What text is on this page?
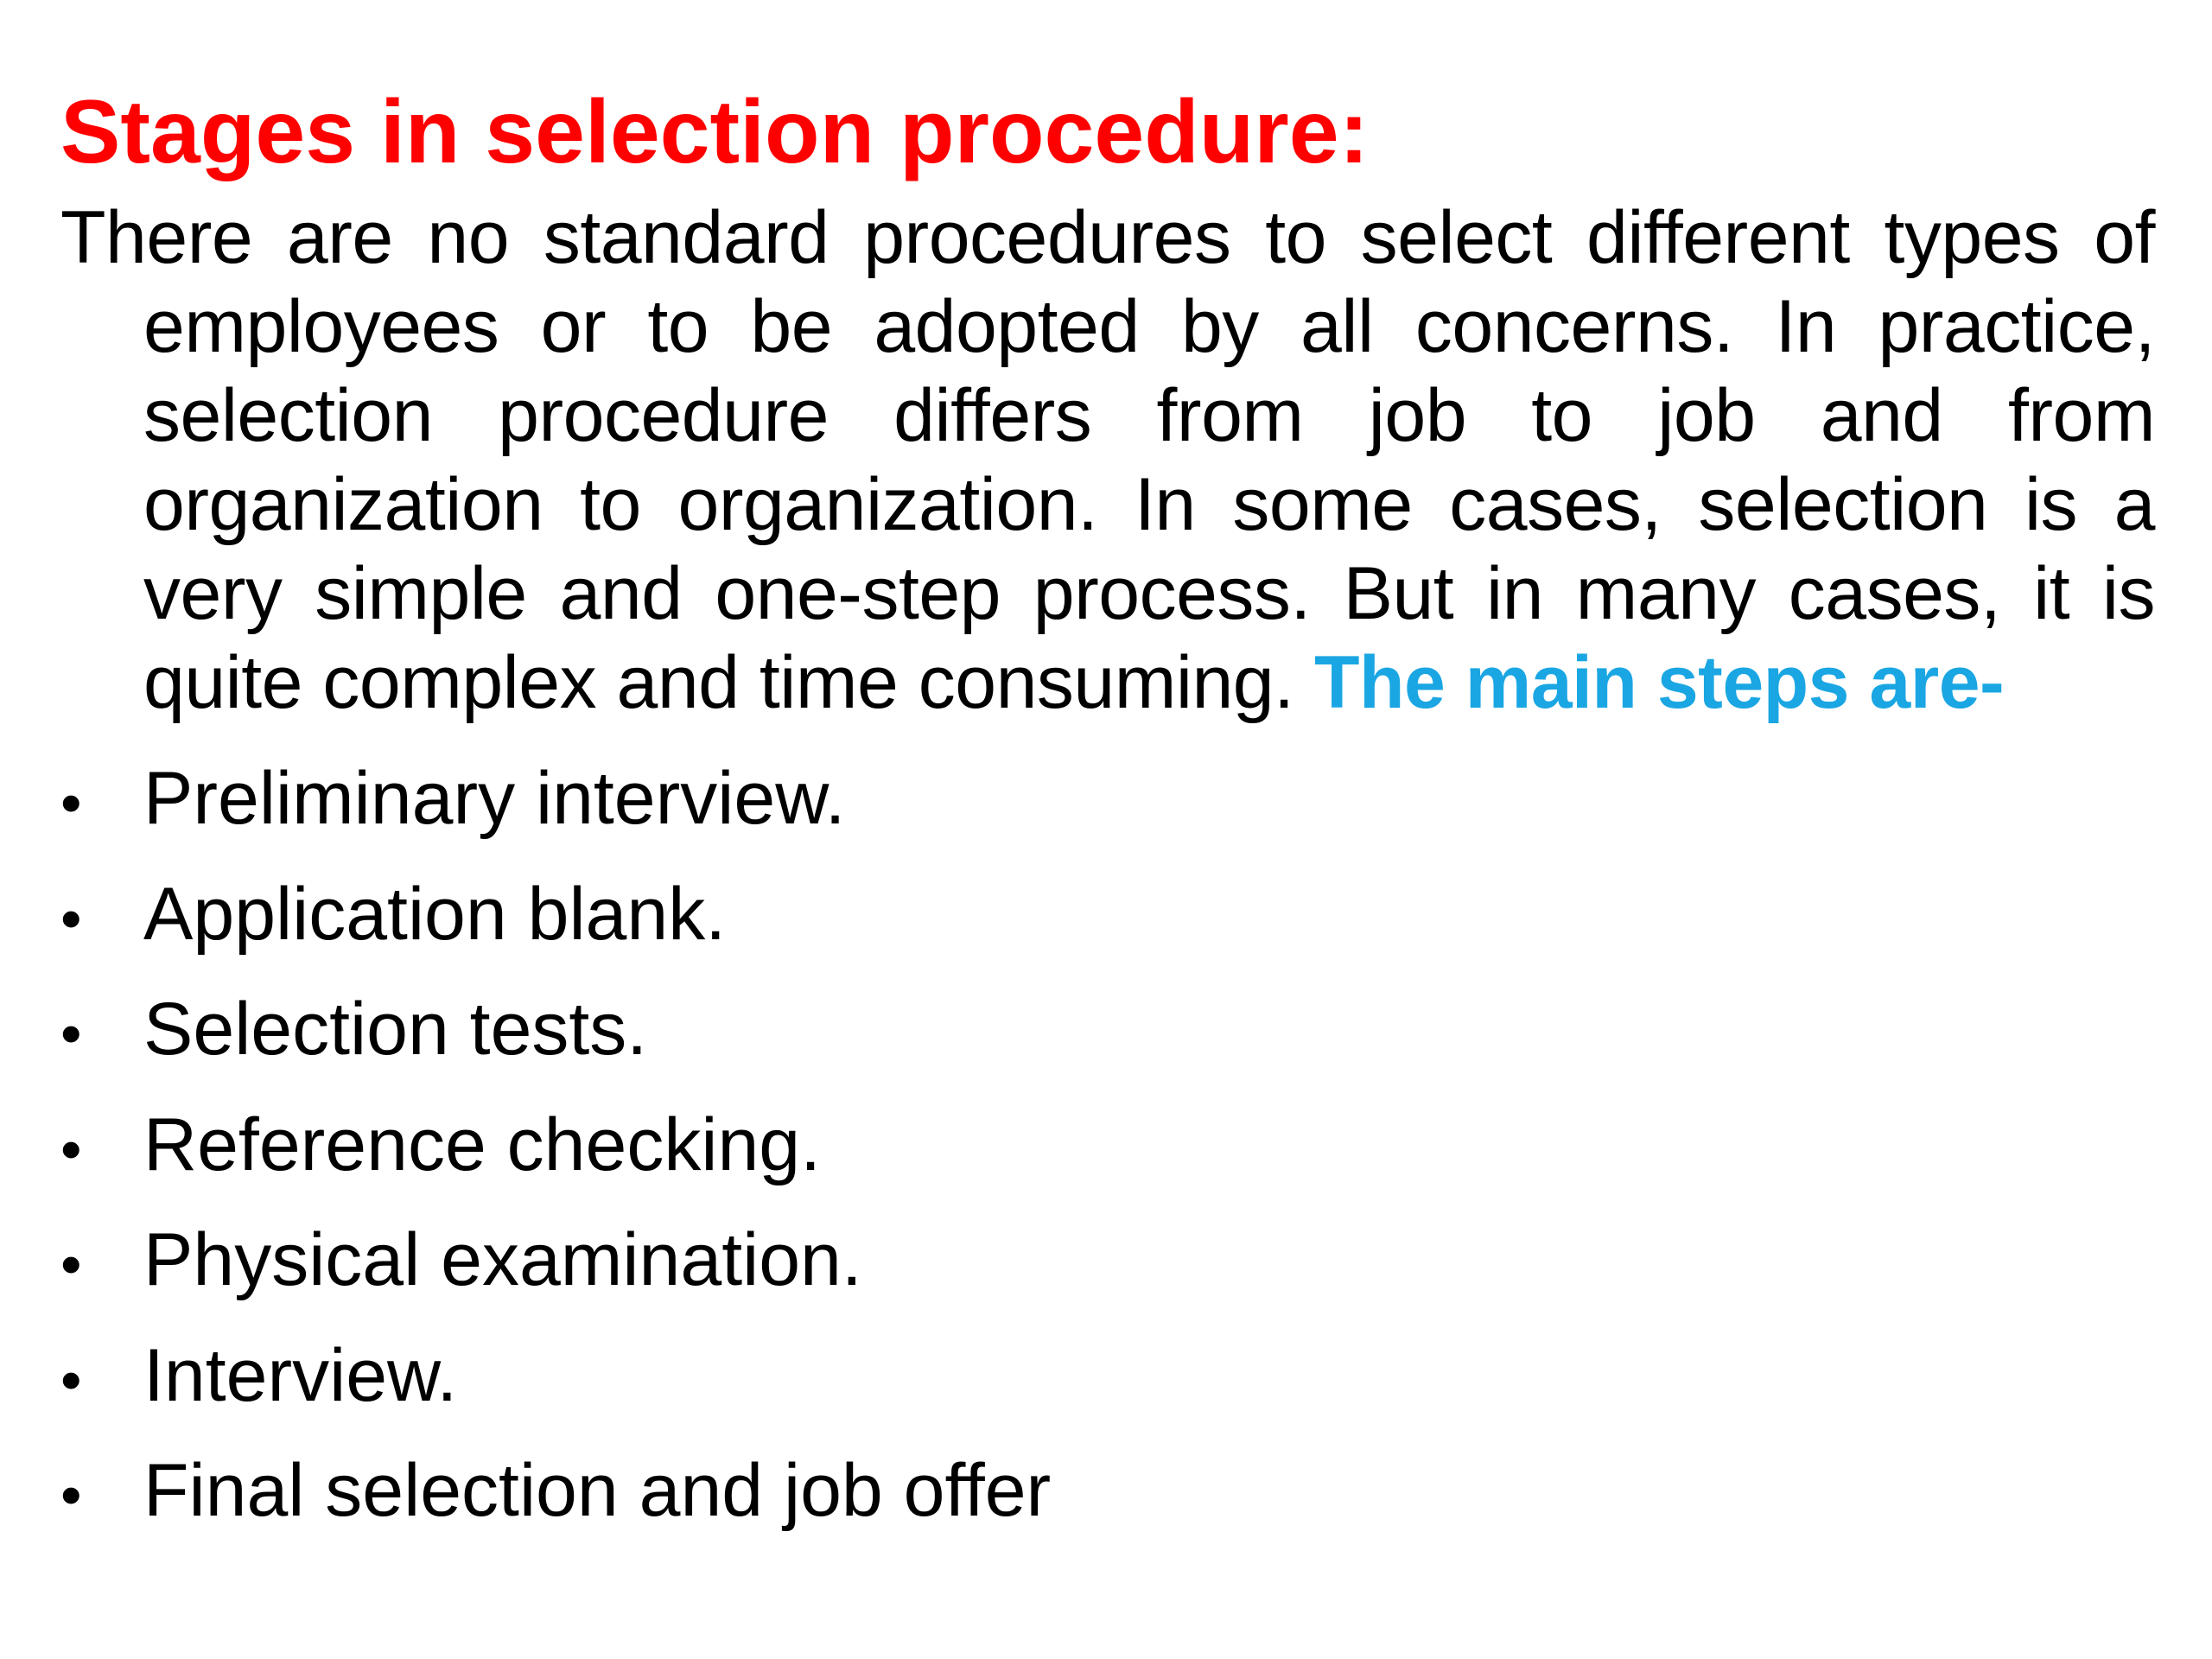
Stages in selection procedure:

There are no standard procedures to select different types of employees or to be adopted by all concerns. In practice, selection procedure differs from job to job and from organization to organization. In some cases, selection is a very simple and one-step process. But in many cases, it is quite complex and time consuming. The main steps are-

• Preliminary interview.
• Application blank.
• Selection tests.
• Reference checking.
• Physical examination.
• Interview.
• Final selection and job offer
